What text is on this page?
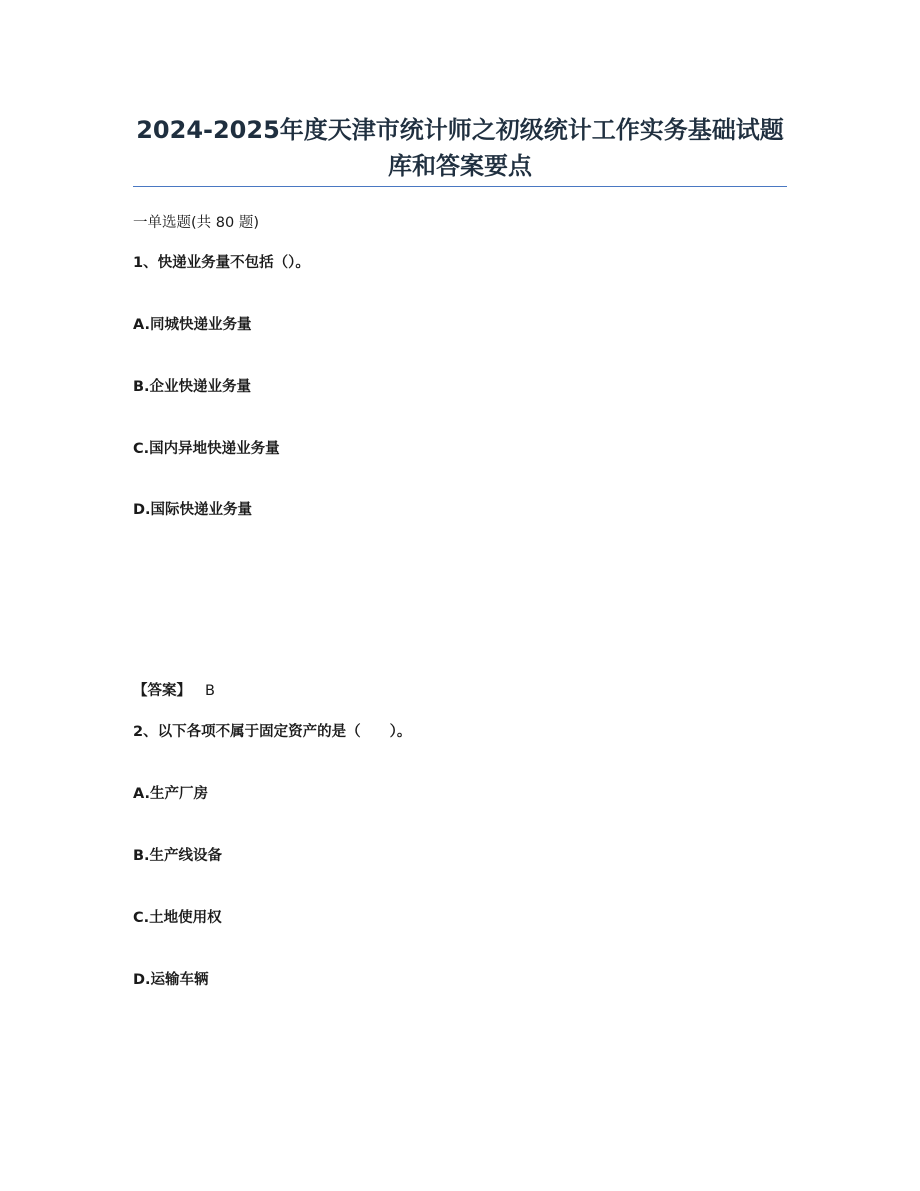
2024-2025年度天津市统计师之初级统计工作实务基础试题库和答案要点
一单选题(共 80 题)
1、快递业务量不包括（）。
A.同城快递业务量
B.企业快递业务量
C.国内异地快递业务量
D.国际快递业务量
【答案】 B
2、以下各项不属于固定资产的是（　　）。
A.生产厂房
B.生产线设备
C.土地使用权
D.运输车辆
